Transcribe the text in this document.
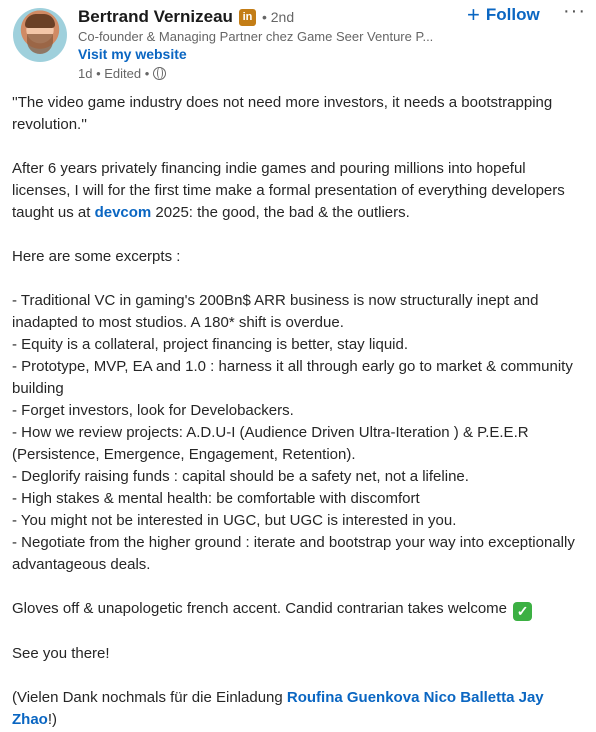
Bertrand Vernizeau in • 2nd
Co-founder & Managing Partner chez Game Seer Venture P...
Visit my website
1d • Edited •
+ Follow ···

''The video game industry does not need more investors, it needs a bootstrapping revolution.''

After 6 years privately financing indie games and pouring millions into hopeful licenses, I will for the first time make a formal presentation of everything developers taught us at devcom 2025: the good, the bad & the outliers.

Here are some excerpts :

- Traditional VC in gaming's 200Bn$ ARR business is now structurally inept and inadapted to most studios. A 180* shift is overdue.

- Equity is a collateral, project financing is better, stay liquid.

- Prototype, MVP, EA and 1.0 : harness it all through early go to market & community building

- Forget investors, look for Develobackers.

- How we review projects: A.D.U-I (Audience Driven Ultra-Iteration ) & P.E.E.R (Persistence, Emergence, Engagement, Retention).

- Deglorify raising funds : capital should be a safety net, not a lifeline.

- High stakes & mental health: be comfortable with discomfort

- You might not be interested in UGC, but UGC is interested in you.

- Negotiate from the higher ground : iterate and bootstrap your way into exceptionally advantageous deals.

Gloves off & unapologetic french accent. Candid contrarian takes welcome ✓

See you there!

(Vielen Dank nochmals für die Einladung Roufina Guenkova Nico Balletta Jay Zhao!)
